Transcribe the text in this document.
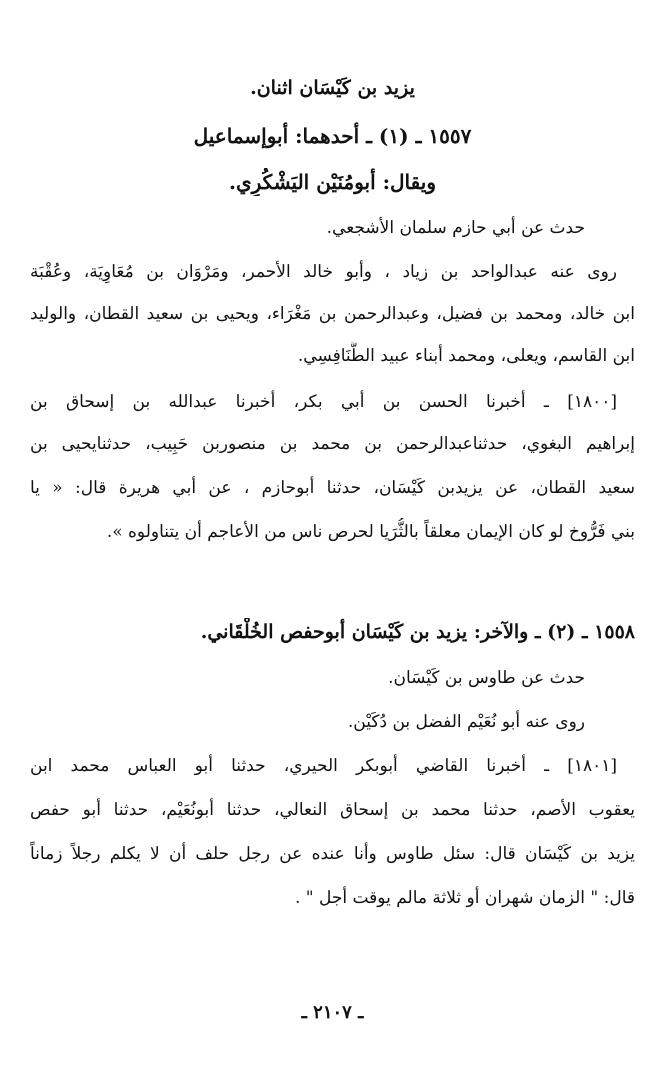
يزيد بن كَيْسَان اثنان.
١٥٥٧ ـ (١) ـ أحدهما: أبوإسماعيل
ويقال: أبومُنَيْن اليَشْكُرِي.
حدث عن أبي حازم سلمان الأشجعي.
روى عنه عبدالواحد بن زياد ، وأبو خالد الأحمر، ومَرْوَان بن مُعَاوِيَة، وعُقْبَة
ابن خالد، ومحمد بن فضيل، وعبدالرحمن بن مَغْرَاء، ويحيى بن سعيد القطان، والوليد
ابن القاسم، ويعلى، ومحمد أبناء عبيد الطَّنَافِسِي.
[١٨٠٠] ـ أخبرنا الحسن بن أبي بكر، أخبرنا عبدالله بن إسحاق بن
إبراهيم البغوي، حدثناعبدالرحمن بن محمد بن منصوربن حَبِيب، حدثنايحيى بن
سعيد القطان، عن يزيدبن كَيْسَان، حدثنا أبوحازم ، عن أبي هريرة قال: « يا
بني فَرُّوخ لو كان الإيمان معلقاً بالثُّرَيا لحرص ناس من الأعاجم أن يتناولوه ».
١٥٥٨ ـ (٢) ـ والآخر: يزيد بن كَيْسَان أبوحفص الخُلْقَاني.
حدث عن طاوس بن كَيْسَان.
روى عنه أبو نُعَيْم الفضل بن دُكَيْن.
[١٨٠١] ـ أخبرنا القاضي أبوبكر الحيري، حدثنا أبو العباس محمد ابن
يعقوب الأصم، حدثنا محمد بن إسحاق النعالي، حدثنا أبونُعَيْم، حدثنا أبو حفص
يزيد بن كَيْسَان قال: سئل طاوس وأنا عنده عن رجل حلف أن لا يكلم رجلاً زماناً
قال: " الزمان شهران أو ثلاثة مالم يوقت أجل " .
ـ ٢١٠٧ ـ
